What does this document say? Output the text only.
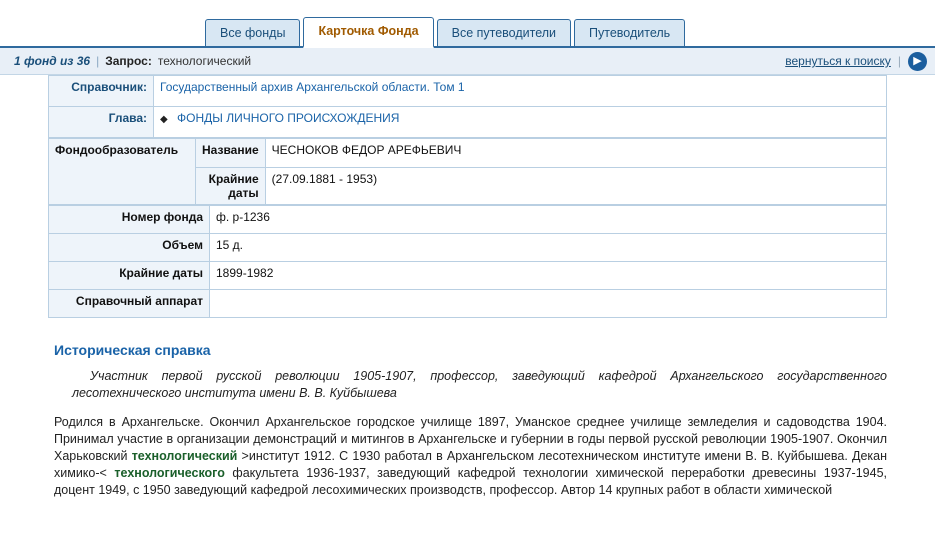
Все фонды	Карточка Фонда	Все путеводители	Путеводитель
1 фонд из 36 | Запрос: технологический	вернуться к поиску |	▶
Справочник:	Государственный архив Архангельской области. Том 1
Глава:	◆ ФОНДЫ ЛИЧНОГО ПРОИСХОЖДЕНИЯ
Фондообразователь	Название	ЧЕСНОКОВ ФЕДОР АРЕФЬЕВИЧ
	Крайние
даты	(27.09.1881 - 1953)
Номер фонда	ф. р-1236
Объем	15 д.
Крайние даты	1899-1982
Справочный аппарат	
Историческая справка
Участник первой русской революции 1905-1907, профессор, заведующий кафедрой Архангельского государственного лесотехнического института имени В. В. Куйбышева
Родился в Архангельске. Окончил Архангельское городское училище 1897, Уманское среднее училище земледелия и садоводства 1904. Принимал участие в организации демонстраций и митингов в Архангельске и губернии в годы первой русской революции 1905-1907. Окончил Харьковский технологический >институт 1912. С 1930 работал в Архангельском лесотехническом институте имени В. В. Куйбышева. Декан химико-< технологического факультета 1936-1937, заведующий кафедрой технологии химической переработки древесины 1937-1945, доцент 1949, с 1950 заведующий кафедрой лесохимических производств, профессор. Автор 14 крупных работ в области химической
